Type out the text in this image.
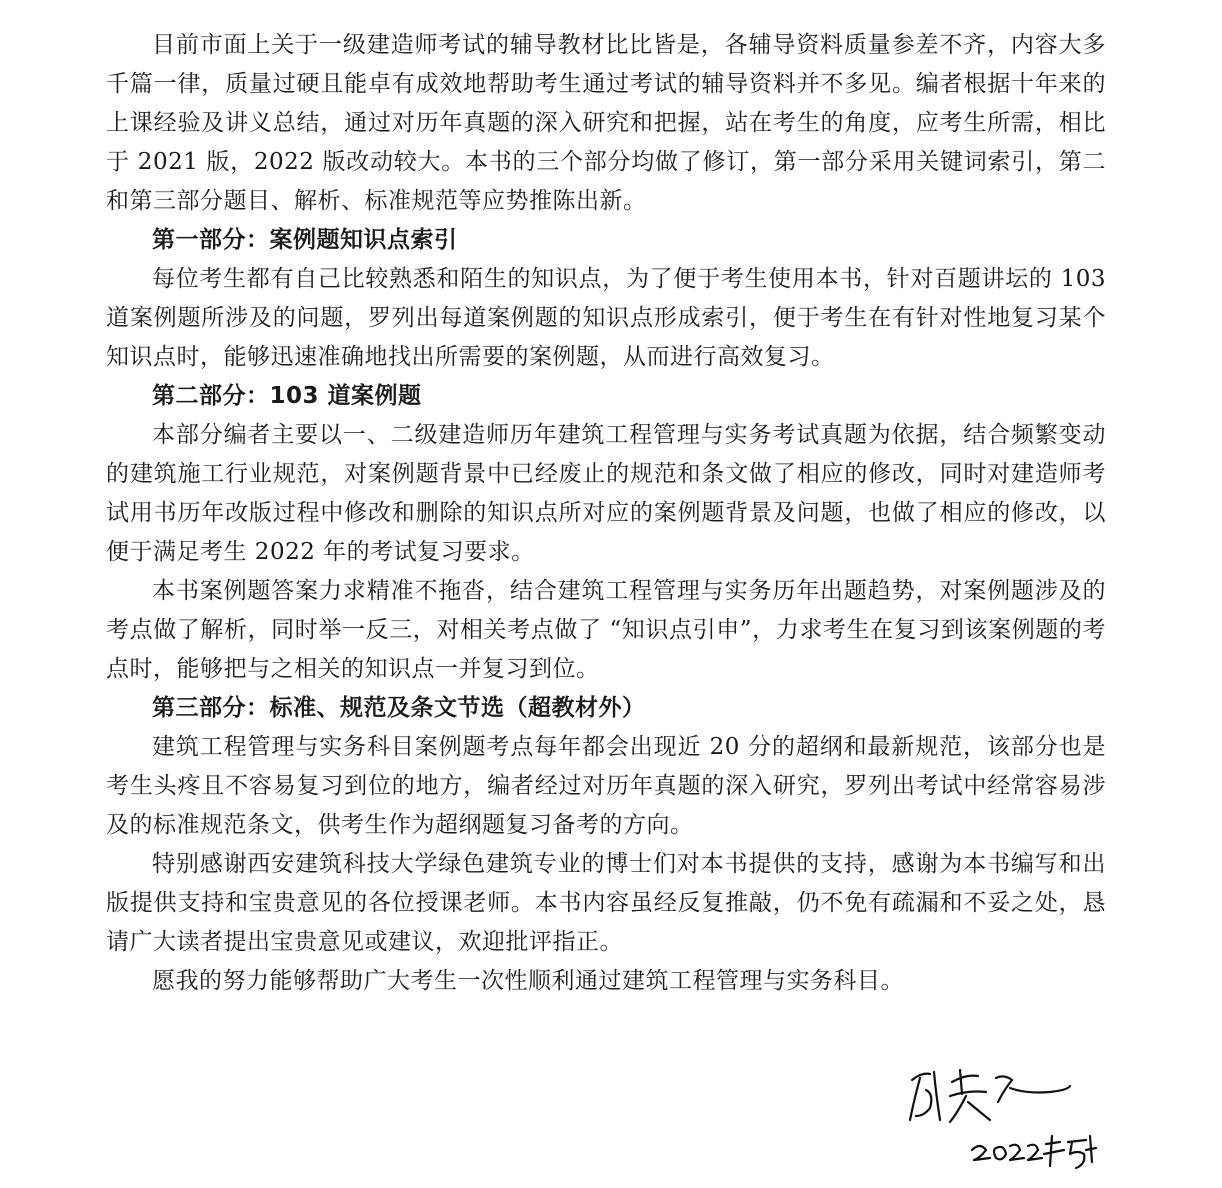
目前市面上关于一级建造师考试的辅导教材比比皆是，各辅导资料质量参差不齐，内容大多千篇一律，质量过硬且能卓有成效地帮助考生通过考试的辅导资料并不多见。编者根据十年来的上课经验及讲义总结，通过对历年真题的深入研究和把握，站在考生的角度，应考生所需，相比于 2021 版，2022 版改动较大。本书的三个部分均做了修订，第一部分采用关键词索引，第二和第三部分题目、解析、标准规范等应势推陈出新。

第一部分：案例题知识点索引

每位考生都有自己比较熟悉和陌生的知识点，为了便于考生使用本书，针对百题讲坛的 103 道案例题所涉及的问题，罗列出每道案例题的知识点形成索引，便于考生在有针对性地复习某个知识点时，能够迅速准确地找出所需要的案例题，从而进行高效复习。

第二部分：103 道案例题

本部分编者主要以一、二级建造师历年建筑工程管理与实务考试真题为依据，结合频繁变动的建筑施工行业规范，对案例题背景中已经废止的规范和条文做了相应的修改，同时对建造师考试用书历年改版过程中修改和删除的知识点所对应的案例题背景及问题，也做了相应的修改，以便于满足考生 2022 年的考试复习要求。

本书案例题答案力求精准不拖沓，结合建筑工程管理与实务历年出题趋势，对案例题涉及的考点做了解析，同时举一反三，对相关考点做了 “知识点引申”，力求考生在复习到该案例题的考点时，能够把与之相关的知识点一并复习到位。

第三部分：标准、规范及条文节选（超教材外）

建筑工程管理与实务科目案例题考点每年都会出现近 20 分的超纲和最新规范，该部分也是考生头疼且不容易复习到位的地方，编者经过对历年真题的深入研究，罗列出考试中经常容易涉及的标准规范条文，供考生作为超纲题复习备考的方向。

特别感谢西安建筑科技大学绿色建筑专业的博士们对本书提供的支持，感谢为本书编写和出版提供支持和宝贵意见的各位授课老师。本书内容虽经反复推敲，仍不免有疏漏和不妥之处，恳请广大读者提出宝贵意见或建议，欢迎批评指正。

愿我的努力能够帮助广大考生一次性顺利通过建筑工程管理与实务科目。
